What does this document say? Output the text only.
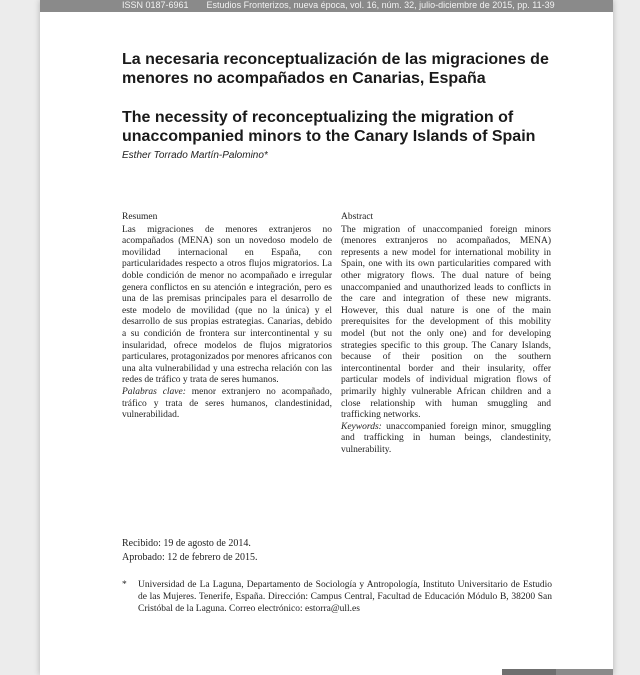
ISSN 0187-6961 Estudios Fronterizos, nueva época, vol. 16, núm. 32, julio-diciembre de 2015, pp. 11-39
La necesaria reconceptualización de las migraciones de menores no acompañados en Canarias, España
The necessity of reconceptualizing the migration of unaccompanied minors to the Canary Islands of Spain
Esther Torrado Martín-Palomino*
Resumen
Las migraciones de menores extranjeros no acompañados (MENA) son un novedoso modelo de movilidad internacional en España, con particularidades respecto a otros flujos migratorios. La doble condición de menor no acompañado e irregular genera conflictos en su atención e integración, pero es una de las premisas principales para el desarrollo de este modelo de movilidad (que no la única) y el desarrollo de sus propias estrategias. Canarias, debido a su condición de frontera sur intercontinental y su insularidad, ofrece modelos de flujos migratorios particulares, protagonizados por menores africanos con una alta vulnerabilidad y una estrecha relación con las redes de tráfico y trata de seres humanos.
Palabras clave: menor extranjero no acompañado, tráfico y trata de seres humanos, clandestinidad, vulnerabilidad.
Abstract
The migration of unaccompanied foreign minors (menores extranjeros no acompañados, MENA) represents a new model for international mobility in Spain, one with its own particularities compared with other migratory flows. The dual nature of being unaccompanied and unauthorized leads to conflicts in the care and integration of these new migrants. However, this dual nature is one of the main prerequisites for the development of this mobility model (but not the only one) and for developing strategies specific to this group. The Canary Islands, because of their position on the southern intercontinental border and their insularity, offer particular models of individual migration flows of primarily highly vulnerable African children and a close relationship with human smuggling and trafficking networks.
Keywords: unaccompanied foreign minor, smuggling and trafficking in human beings, clandestinity, vulnerability.
Recibido: 19 de agosto de 2014.
Aprobado: 12 de febrero de 2015.
* Universidad de La Laguna, Departamento de Sociología y Antropología, Instituto Universitario de Estudio de las Mujeres. Tenerife, España. Dirección: Campus Central, Facultad de Educación Módulo B, 38200 San Cristóbal de la Laguna. Correo electrónico: estorra@ull.es
